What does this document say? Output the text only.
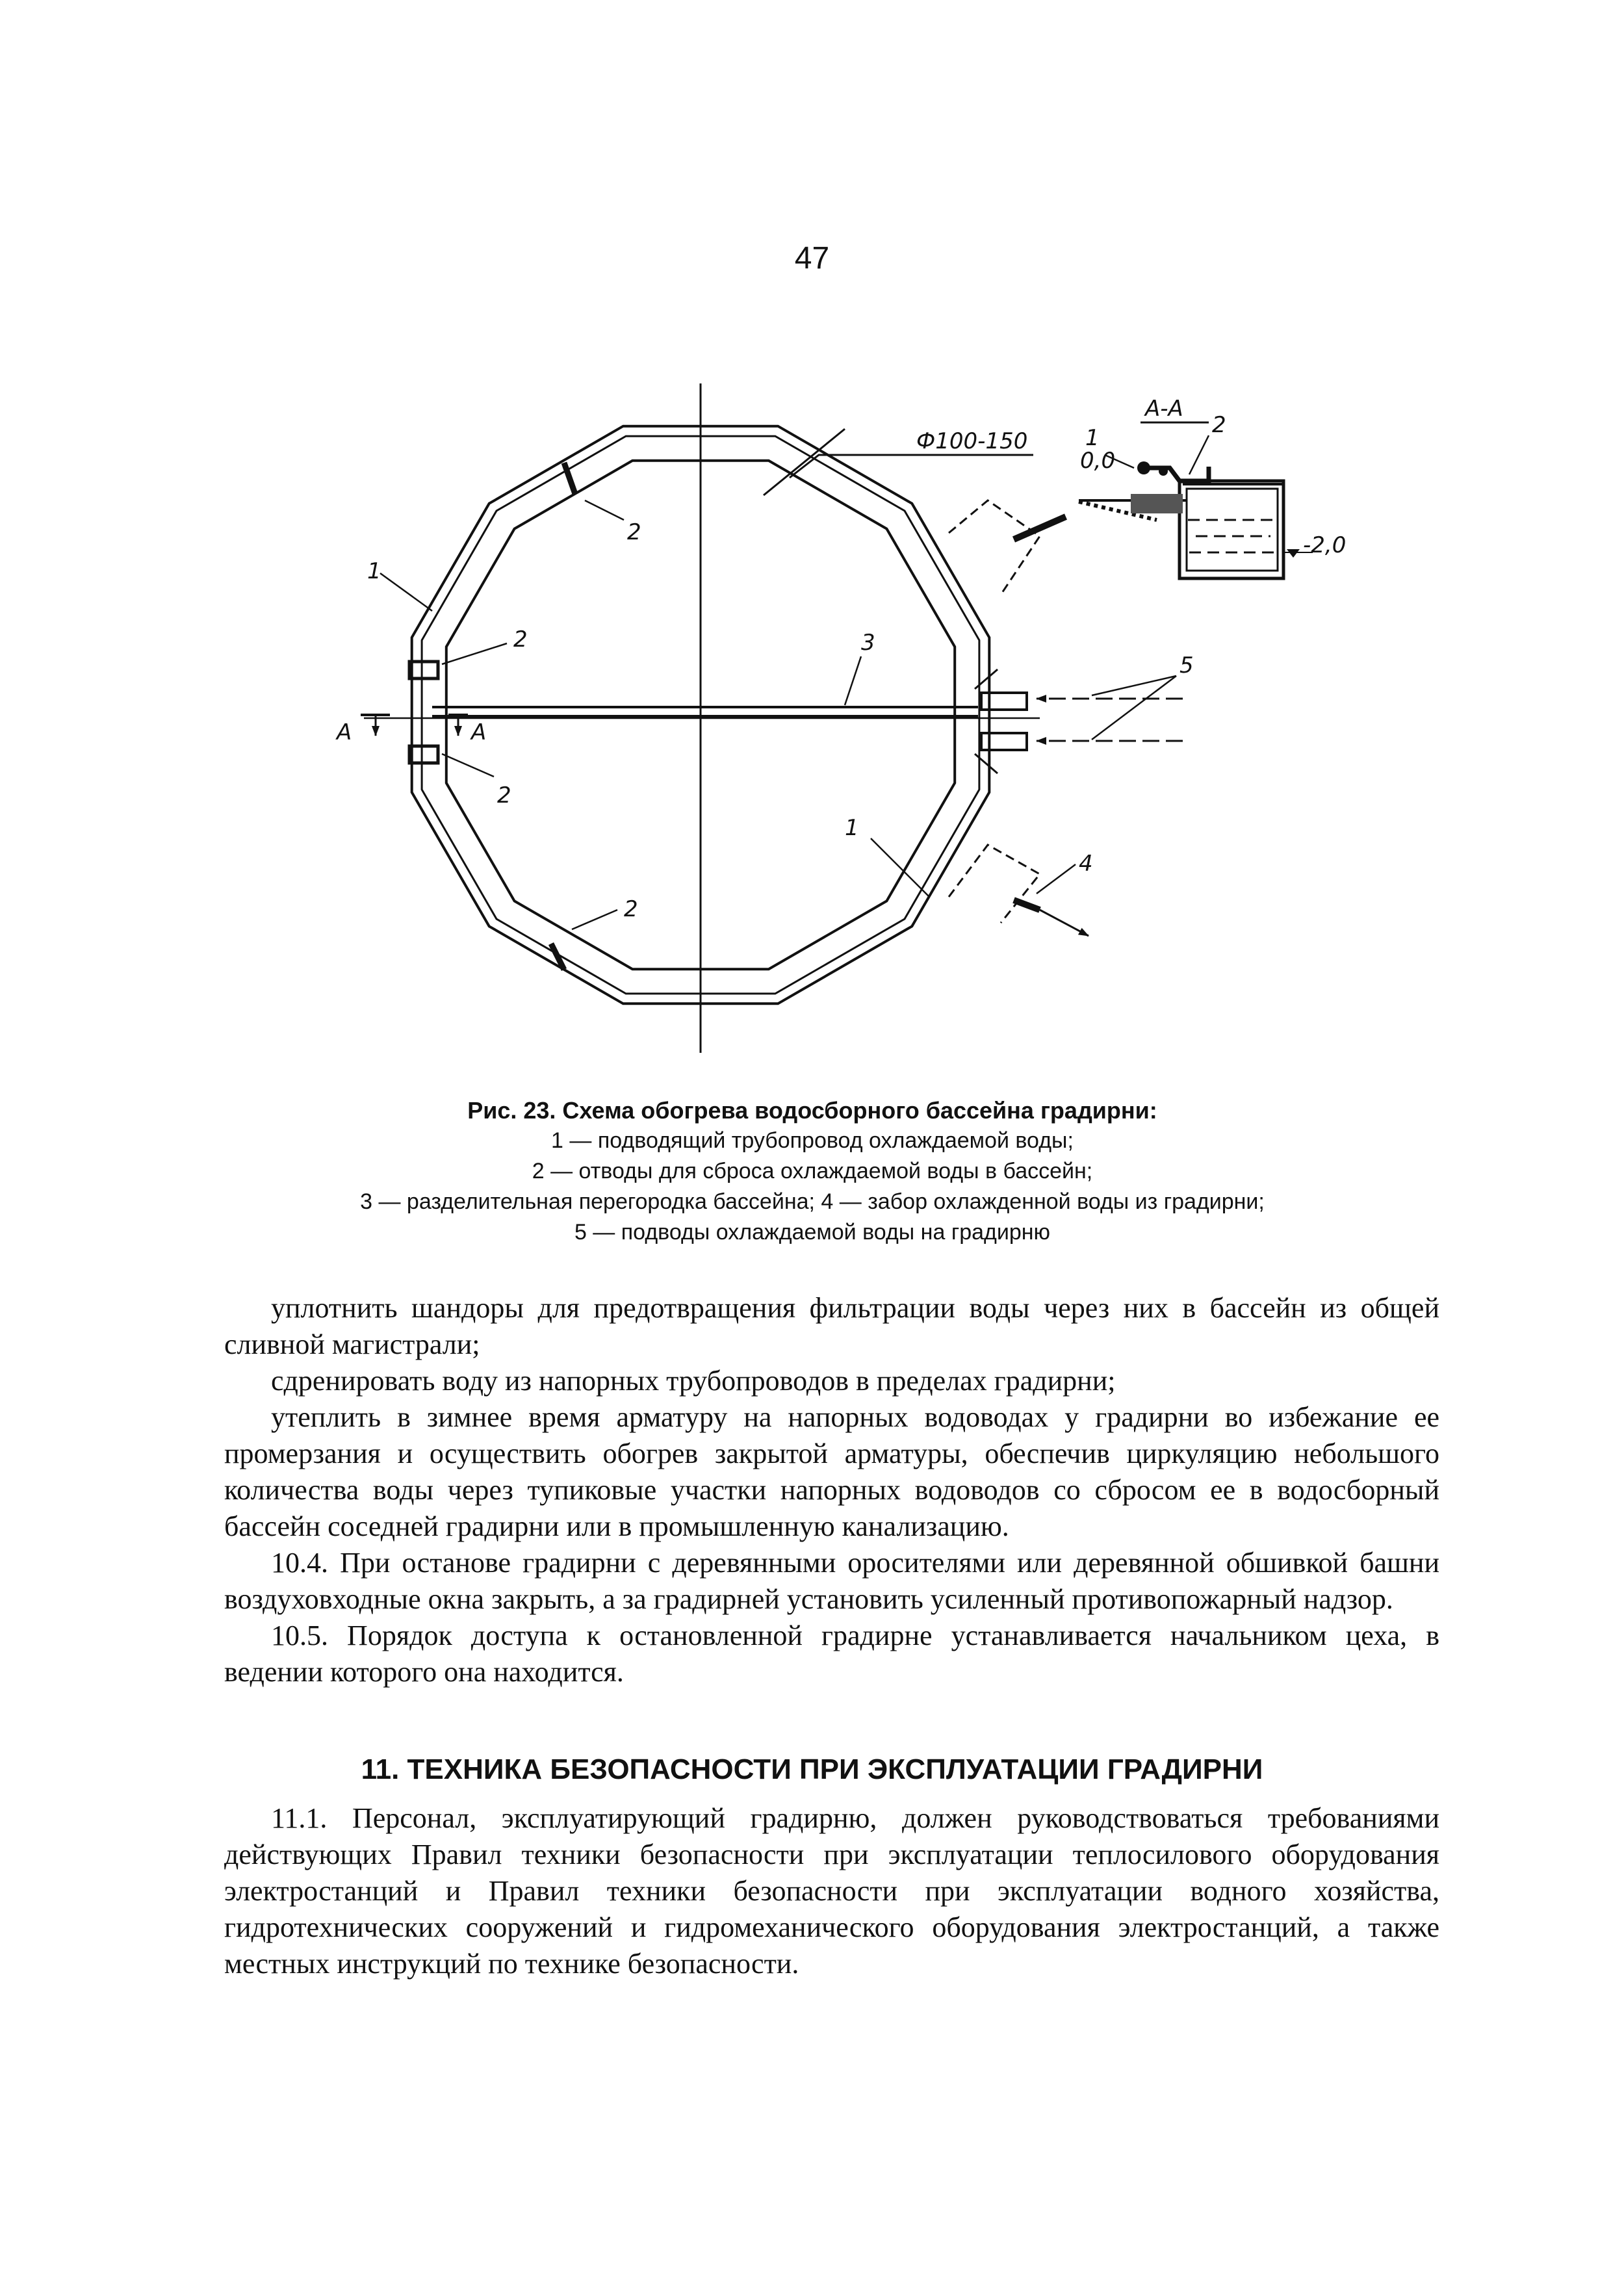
47
Ф100-150
А-А
0,0
-2,0
1	2
1
2
2
2
2
3
1
4
5
А	А
Рис. 23. Схема обогрева водосборного бассейна градирни:
1 — подводящий трубопровод охлаждаемой воды;
2 — отводы для сброса охлаждаемой воды в бассейн;
3 — разделительная перегородка бассейна; 4 — забор охлажденной воды из градирни;
5 — подводы охлаждаемой воды на градирню

уплотнить шандоры для предотвращения фильтрации воды через них в бассейн из общей сливной магистрали;

сдренировать воду из напорных трубопроводов в пределах градирни;

утеплить в зимнее время арматуру на напорных водоводах у градирни во избежание ее промерзания и осуществить обогрев закрытой арматуры, обеспечив циркуляцию небольшого количества воды через тупиковые участки напорных водоводов со сбросом ее в водосборный бассейн соседней градирни или в промышленную канализацию.

10.4. При останове градирни с деревянными оросителями или деревянной обшивкой башни воздуховходные окна закрыть, а за градирней установить усиленный противопожарный надзор.

10.5. Порядок доступа к остановленной градирне устанавливается начальником цеха, в ведении которого она находится.

11. ТЕХНИКА БЕЗОПАСНОСТИ ПРИ ЭКСПЛУАТАЦИИ ГРАДИРНИ

11.1. Персонал, эксплуатирующий градирню, должен руководствоваться требованиями действующих Правил техники безопасности при эксплуатации теплосилового оборудования электростанций и Правил техники безопасности при эксплуатации водного хозяйства, гидротехнических сооружений и гидромеханического оборудования электростанций, а также местных инструкций по технике безопасности.
